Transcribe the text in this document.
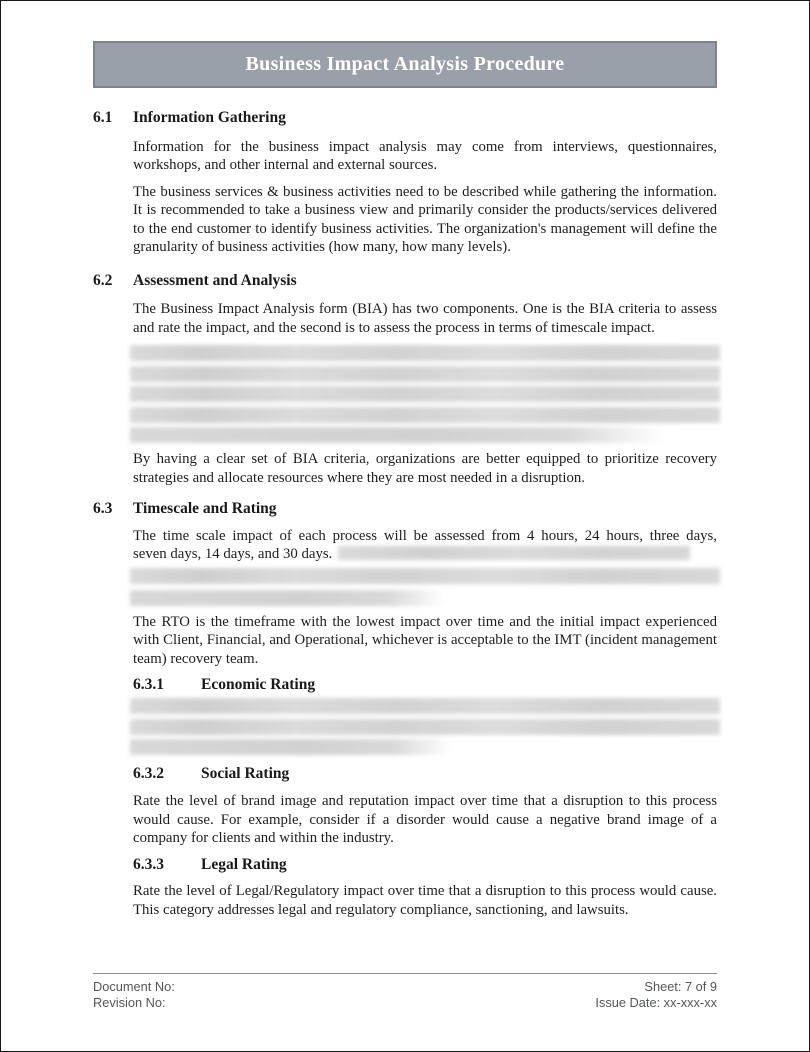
Business Impact Analysis Procedure
6.1	Information Gathering

Information for the business impact analysis may come from interviews, questionnaires, workshops, and other internal and external sources.

The business services & business activities need to be described while gathering the information. It is recommended to take a business view and primarily consider the products/services delivered to the end customer to identify business activities. The organization's management will define the granularity of business activities (how many, how many levels).

6.2	Assessment and Analysis

The Business Impact Analysis form (BIA) has two components. One is the BIA criteria to assess and rate the impact, and the second is to assess the process in terms of timescale impact.

By having a clear set of BIA criteria, organizations are better equipped to prioritize recovery strategies and allocate resources where they are most needed in a disruption.

6.3	Timescale and Rating
The time scale impact of each process will be assessed from 4 hours, 24 hours, three days,
seven days, 14 days, and 30 days.

The RTO is the timeframe with the lowest impact over time and the initial impact experienced with Client, Financial, and Operational, whichever is acceptable to the IMT (incident management team) recovery team.

6.3.1	Economic Rating
6.3.2	Social Rating

Rate the level of brand image and reputation impact over time that a disruption to this process would cause. For example, consider if a disorder would cause a negative brand image of a company for clients and within the industry.

6.3.3	Legal Rating

Rate the level of Legal/Regulatory impact over time that a disruption to this process would cause. This category addresses legal and regulatory compliance, sanctioning, and lawsuits.

Document No:
Revision No:
Sheet: 7 of 9
Issue Date: xx-xxx-xx
